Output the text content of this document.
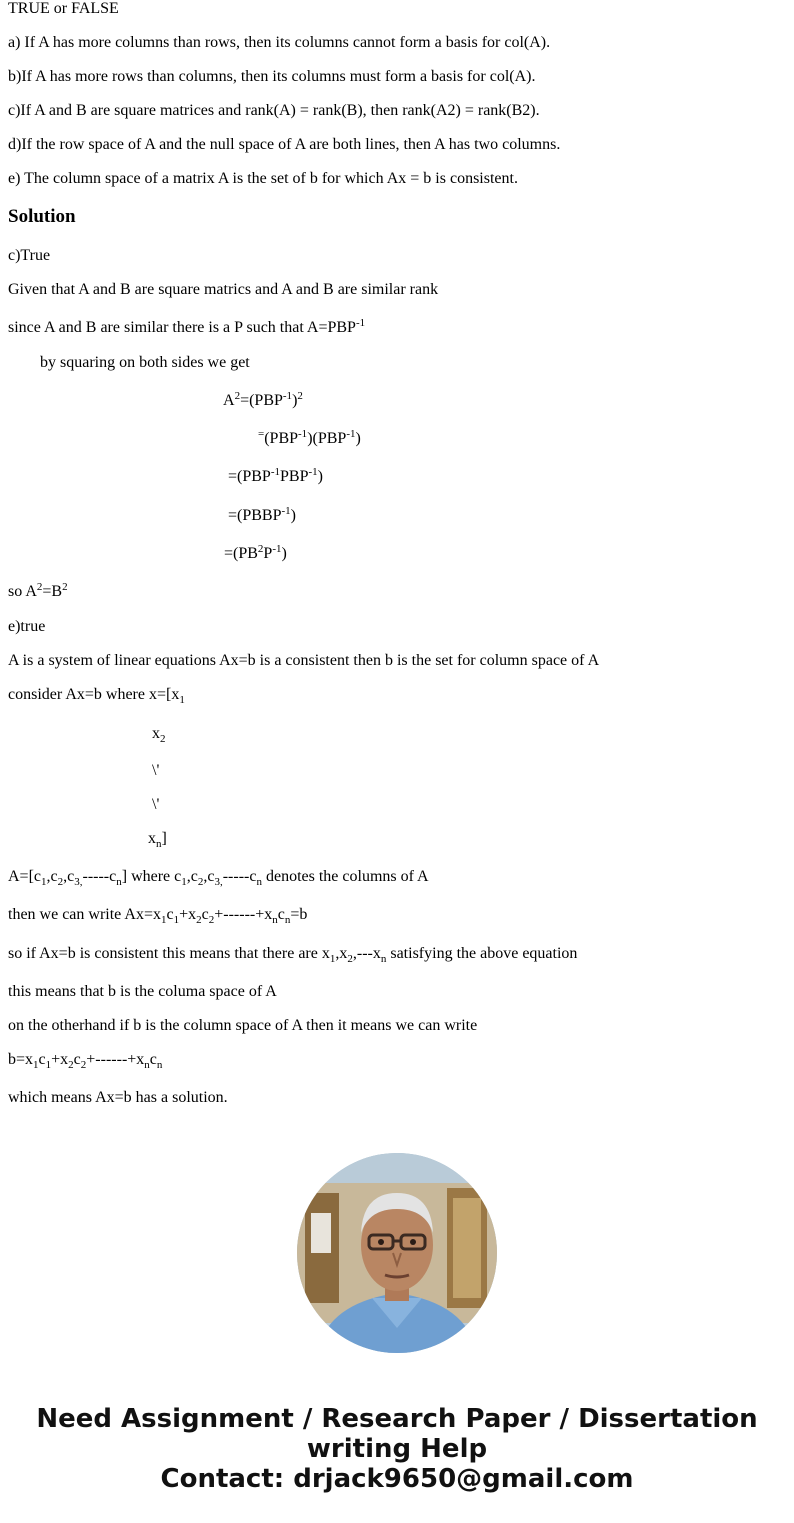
TRUE or FALSE
a) If A has more columns than rows, then its columns cannot form a basis for col(A).
b)If A has more rows than columns, then its columns must form a basis for col(A).
c)If A and B are square matrices and rank(A) = rank(B), then rank(A2) = rank(B2).
d)If the row space of A and the null space of A are both lines, then A has two columns.
e) The column space of a matrix A is the set of b for which Ax = b is consistent.
Solution
c)True
Given that A and B are square matrics and A and B are similar rank
since A and B are similar there is a P such that $A=PBP^{-1}$
by squaring on both sides we get
$A^2=(PBP^{-1})^2$
$^=(PBP^{-1})(PBP^{-1})$
$=(PBP^{-1}PBP^{-1})$
$=(PBBP^{-1})$
$=(PB^2P^{-1})$
so $A^2=B^2$
e)true
A is a system of linear equations Ax=b is a consistent then b is the set for column space of A
consider Ax=b where $x=[x_1$
$x_2$
\'
\'
$x_n$]
$A=[c_1,c_2,c_{3,}-----c_n]$ where $c_1,c_2,c_{3,}-----c_n$ denotes the columns of A
then we can write $Ax=x_1c_1+x_2c_2+------+x_nc_n=b$
so if Ax=b is consistent this means that there are $x_1,x_2,---x_n$ satisfying the above equation
this means that b is the columa space of A
on the otherhand if b is the column space of A then it means we can write
$b=x_1c_1+x_2c_2+------+x_nc_n$
which means Ax=b has a solution.
Need Assignment / Research Paper / Dissertation
writing Help
Contact: drjack9650@gmail.com
